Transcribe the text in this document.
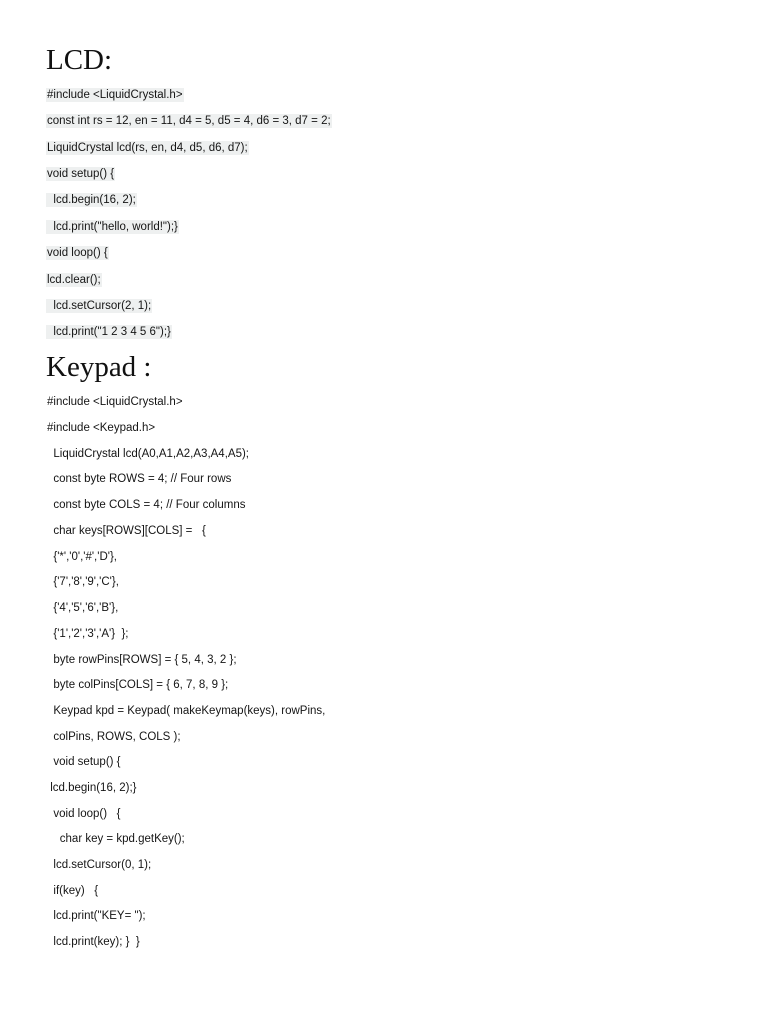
LCD:
#include <LiquidCrystal.h>
const int rs = 12, en = 11, d4 = 5, d5 = 4, d6 = 3, d7 = 2;
LiquidCrystal lcd(rs, en, d4, d5, d6, d7);
void setup() {
lcd.begin(16, 2);
lcd.print("hello, world!");}
void loop() {
lcd.clear();
lcd.setCursor(2, 1);
lcd.print("1 2 3 4 5 6");}
Keypad :
#include <LiquidCrystal.h>
#include <Keypad.h>
LiquidCrystal lcd(A0,A1,A2,A3,A4,A5);
const byte ROWS = 4; // Four rows
const byte COLS = 4; // Four columns
char keys[ROWS][COLS] =   {
{'*','0','#','D'},
{'7','8','9','C'},
{'4','5','6','B'},
{'1','2','3','A'}  };
byte rowPins[ROWS] = { 5, 4, 3, 2 };
byte colPins[COLS] = { 6, 7, 8, 9 };
Keypad kpd = Keypad( makeKeymap(keys), rowPins,
colPins, ROWS, COLS );
void setup() {
lcd.begin(16, 2);}
void loop()   {
char key = kpd.getKey();
lcd.setCursor(0, 1);
if(key)   {
lcd.print("KEY= ");
lcd.print(key); }  }
